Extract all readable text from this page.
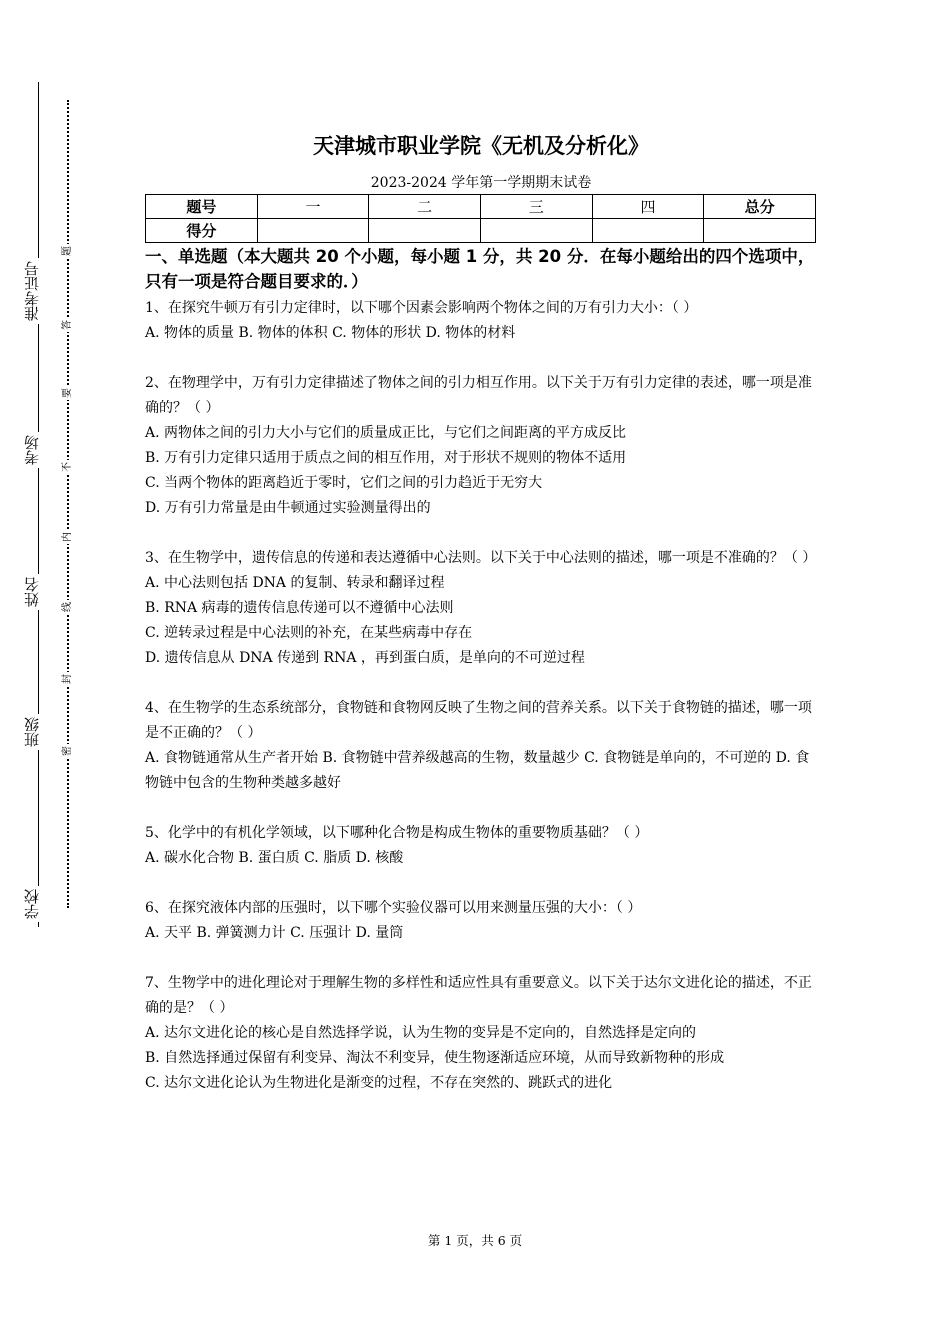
准考证号
考场
姓名
班级
学校
题
答
要
不
内
线
封
密
天津城市职业学院《无机及分析化》
2023-2024 学年第一学期期末试卷
题号	一	二	三	四	总分
得分					
一、单选题（本大题共 20 个小题，每小题 1 分，共 20 分．在每小题给出的四个选项中，只有一项是符合题目要求的．）

1、在探究牛顿万有引力定律时，以下哪个因素会影响两个物体之间的万有引力大小：（ ）

A. 物体的质量 B. 物体的体积 C. 物体的形状 D. 物体的材料

2、在物理学中，万有引力定律描述了物体之间的引力相互作用。以下关于万有引力定律的表述，哪一项是准确的？（ ）

A. 两物体之间的引力大小与它们的质量成正比，与它们之间距离的平方成反比

B. 万有引力定律只适用于质点之间的相互作用，对于形状不规则的物体不适用

C. 当两个物体的距离趋近于零时，它们之间的引力趋近于无穷大

D. 万有引力常量是由牛顿通过实验测量得出的

3、在生物学中，遗传信息的传递和表达遵循中心法则。以下关于中心法则的描述，哪一项是不准确的？（ ）

A. 中心法则包括 DNA 的复制、转录和翻译过程

B. RNA 病毒的遗传信息传递可以不遵循中心法则

C. 逆转录过程是中心法则的补充，在某些病毒中存在

D. 遗传信息从 DNA 传递到 RNA ，再到蛋白质，是单向的不可逆过程

4、在生物学的生态系统部分，食物链和食物网反映了生物之间的营养关系。以下关于食物链的描述，哪一项是不正确的？（ ）

A. 食物链通常从生产者开始 B. 食物链中营养级越高的生物，数量越少 C. 食物链是单向的，不可逆的 D. 食物链中包含的生物种类越多越好

5、化学中的有机化学领域，以下哪种化合物是构成生物体的重要物质基础？（ ）

A. 碳水化合物 B. 蛋白质 C. 脂质 D. 核酸

6、在探究液体内部的压强时，以下哪个实验仪器可以用来测量压强的大小：（ ）

A. 天平 B. 弹簧测力计 C. 压强计 D. 量筒

7、生物学中的进化理论对于理解生物的多样性和适应性具有重要意义。以下关于达尔文进化论的描述，不正确的是？（ ）

A. 达尔文进化论的核心是自然选择学说，认为生物的变异是不定向的，自然选择是定向的

B. 自然选择通过保留有利变异、淘汰不利变异，使生物逐渐适应环境，从而导致新物种的形成

C. 达尔文进化论认为生物进化是渐变的过程，不存在突然的、跳跃式的进化

第 1 页，共 6 页
